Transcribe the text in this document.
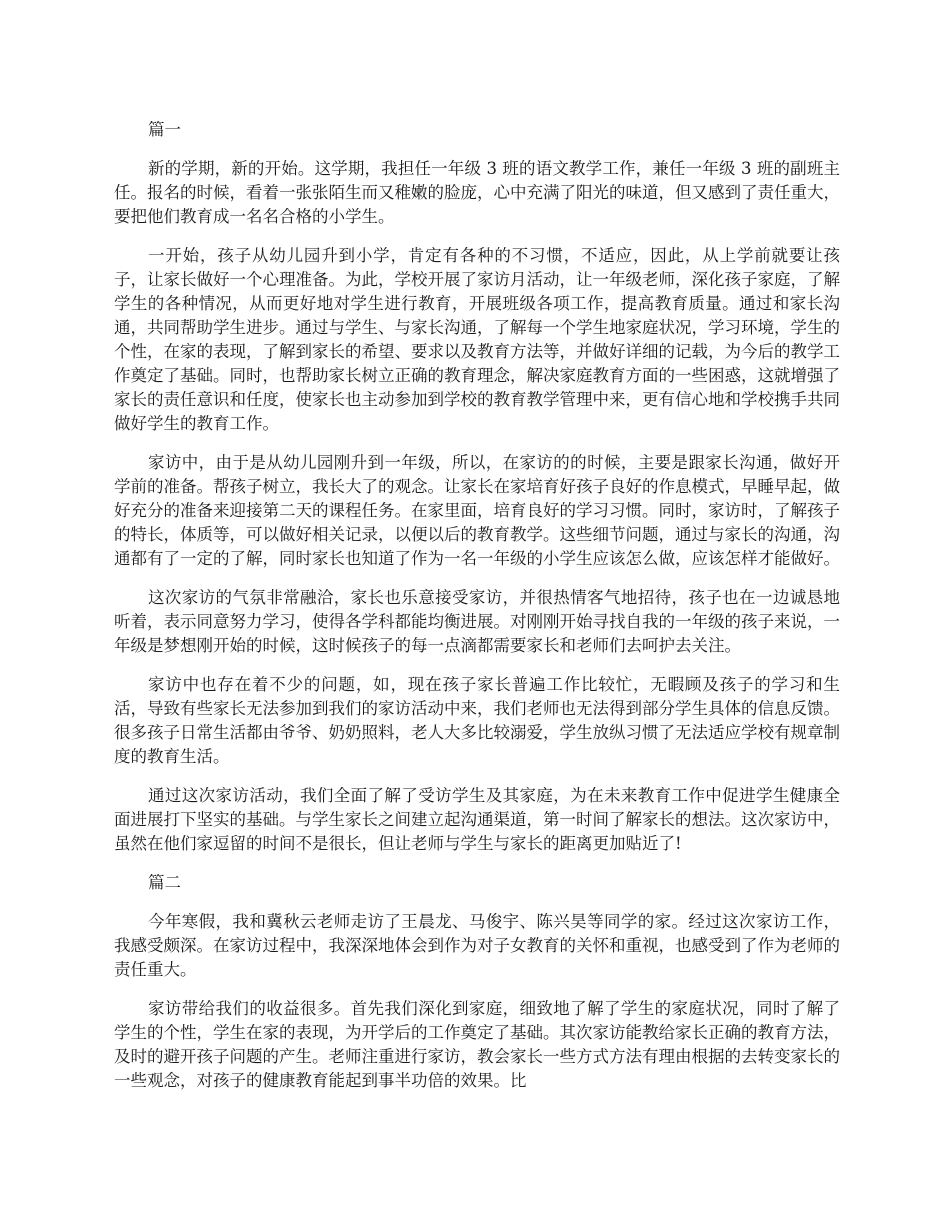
篇一

新的学期，新的开始。这学期，我担任一年级 3 班的语文教学工作，兼任一年级 3 班的副班主任。报名的时候，看着一张张陌生而又稚嫩的脸庞，心中充满了阳光的味道，但又感到了责任重大，要把他们教育成一名名合格的小学生。

一开始，孩子从幼儿园升到小学，肯定有各种的不习惯，不适应，因此，从上学前就要让孩子，让家长做好一个心理准备。为此，学校开展了家访月活动，让一年级老师，深化孩子家庭，了解学生的各种情况，从而更好地对学生进行教育，开展班级各项工作，提高教育质量。通过和家长沟通，共同帮助学生进步。通过与学生、与家长沟通，了解每一个学生地家庭状况，学习环境，学生的个性，在家的表现，了解到家长的希望、要求以及教育方法等，并做好详细的记载，为今后的教学工作奠定了基础。同时，也帮助家长树立正确的教育理念，解决家庭教育方面的一些困惑，这就增强了家长的责任意识和任度，使家长也主动参加到学校的教育教学管理中来，更有信心地和学校携手共同做好学生的教育工作。

家访中，由于是从幼儿园刚升到一年级，所以，在家访的的时候，主要是跟家长沟通，做好开学前的准备。帮孩子树立，我长大了的观念。让家长在家培育好孩子良好的作息模式，早睡早起，做好充分的准备来迎接第二天的课程任务。在家里面，培育良好的学习习惯。同时，家访时，了解孩子的特长，体质等，可以做好相关记录，以便以后的教育教学。这些细节问题，通过与家长的沟通，沟通都有了一定的了解，同时家长也知道了作为一名一年级的小学生应该怎么做，应该怎样才能做好。

这次家访的气氛非常融洽，家长也乐意接受家访，并很热情客气地招待，孩子也在一边诚恳地听着，表示同意努力学习，使得各学科都能均衡进展。对刚刚开始寻找自我的一年级的孩子来说，一年级是梦想刚开始的时候，这时候孩子的每一点滴都需要家长和老师们去呵护去关注。

家访中也存在着不少的问题，如，现在孩子家长普遍工作比较忙，无暇顾及孩子的学习和生活，导致有些家长无法参加到我们的家访活动中来，我们老师也无法得到部分学生具体的信息反馈。很多孩子日常生活都由爷爷、奶奶照料，老人大多比较溺爱，学生放纵习惯了无法适应学校有规章制度的教育生活。

通过这次家访活动，我们全面了解了受访学生及其家庭，为在未来教育工作中促进学生健康全面进展打下坚实的基础。与学生家长之间建立起沟通渠道，第一时间了解家长的想法。这次家访中，虽然在他们家逗留的时间不是很长，但让老师与学生与家长的距离更加贴近了!

篇二

今年寒假，我和冀秋云老师走访了王晨龙、马俊宇、陈兴昊等同学的家。经过这次家访工作，我感受颇深。在家访过程中，我深深地体会到作为对子女教育的关怀和重视，也感受到了作为老师的责任重大。

家访带给我们的收益很多。首先我们深化到家庭，细致地了解了学生的家庭状况，同时了解了学生的个性，学生在家的表现，为开学后的工作奠定了基础。其次家访能教给家长正确的教育方法，及时的避开孩子问题的产生。老师注重进行家访，教会家长一些方式方法有理由根据的去转变家长的一些观念，对孩子的健康教育能起到事半功倍的效果。比
